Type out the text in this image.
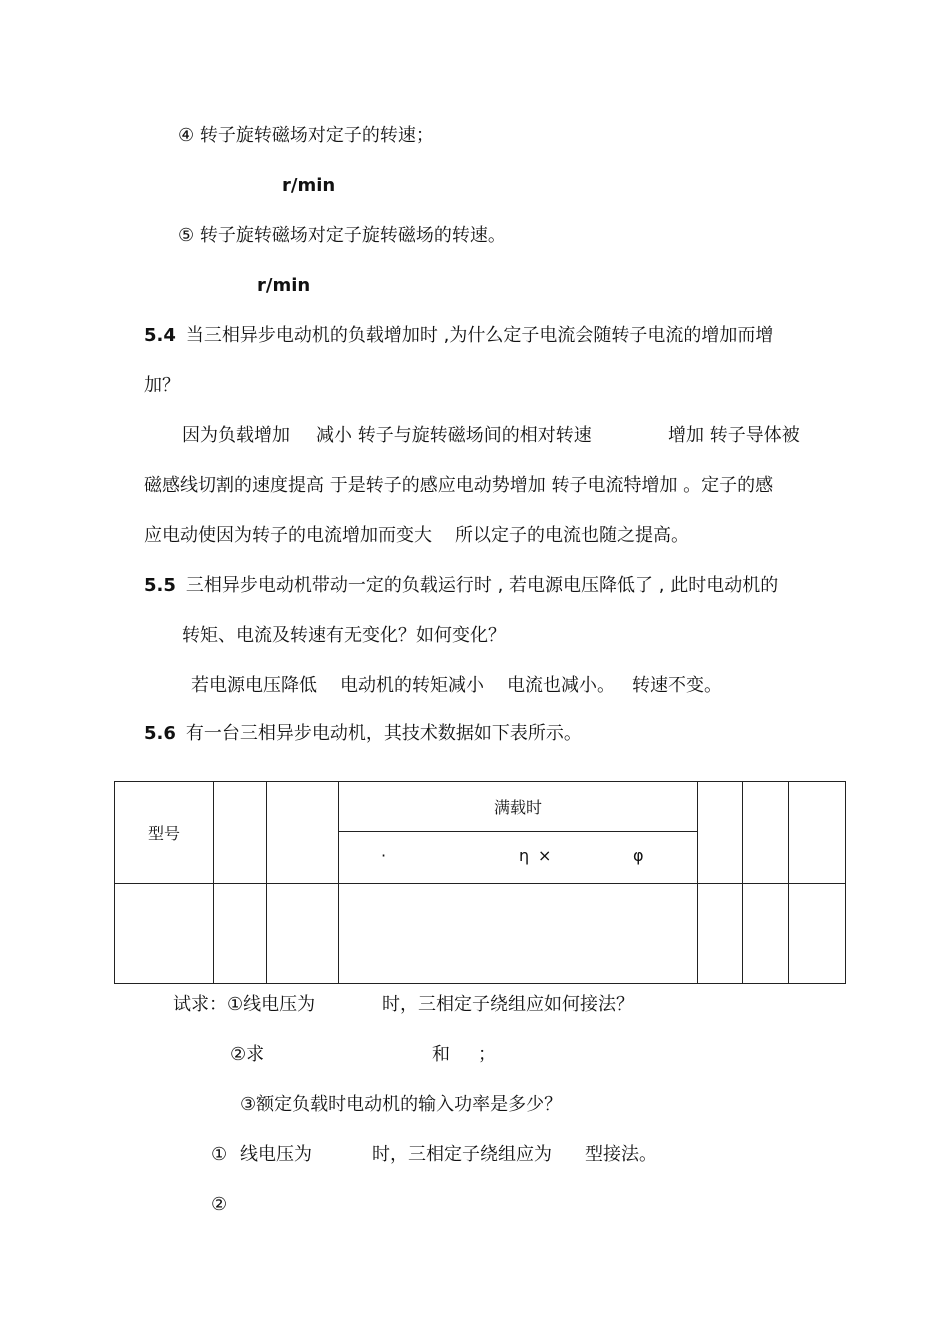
④ 转子旋转磁场对定子的转速；
r/min
⑤ 转子旋转磁场对定子旋转磁场的转速。
r/min
5.4 当三相异步电动机的负载增加时 ,为什么定子电流会随转子电流的增加而增
加？
因为负载增加 减小 转子与旋转磁场间的相对转速	增加 转子导体被
磁感线切割的速度提高 于是转子的感应电动势增加 转子电流特增加 。定子的感
应电动使因为转子的电流增加而变大 所以定子的电流也随之提高。
5.5 三相异步电动机带动一定的负载运行时 , 若电源电压降低了 , 此时电动机的
转矩、电流及转速有无变化？如何变化？
若电源电压降低 电动机的转矩减小 电流也减小。 转速不变。
5.6 有一台三相异步电动机，其技术数据如下表所示。
型号			满载时			

			· η × φ			

试求：①线电压为	时，三相定子绕组应如何接法？
②求	和 ；
③额定负载时电动机的输入功率是多少？
① 线电压为	时，三相定子绕组应为 型接法。
②
